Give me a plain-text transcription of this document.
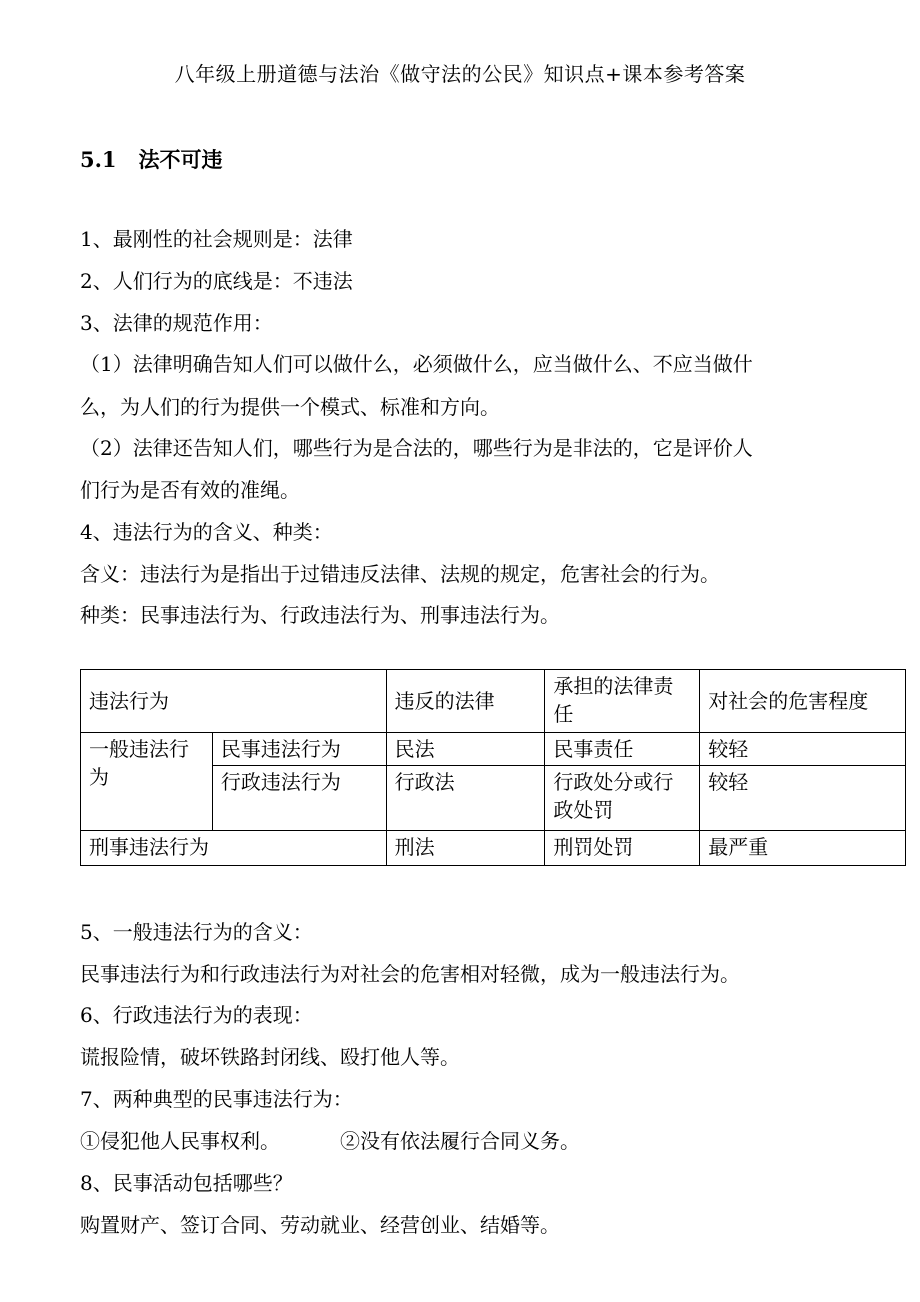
八年级上册道德与法治《做守法的公民》知识点+课本参考答案
5.1 法不可违
1、最刚性的社会规则是：法律
2、人们行为的底线是：不违法
3、法律的规范作用：
（1）法律明确告知人们可以做什么，必须做什么，应当做什么、不应当做什
么，为人们的行为提供一个模式、标准和方向。
（2）法律还告知人们，哪些行为是合法的，哪些行为是非法的，它是评价人
们行为是否有效的准绳。
4、违法行为的含义、种类：
含义：违法行为是指出于过错违反法律、法规的规定，危害社会的行为。
种类：民事违法行为、行政违法行为、刑事违法行为。
违法行为		违反的法律	承担的法律责任	对社会的危害程度
一般违法行为	民事违法行为	民法	民事责任	较轻
	行政违法行为	行政法	行政处分或行政处罚	较轻
刑事违法行为		刑法	刑罚处罚	最严重
5、一般违法行为的含义：
民事违法行为和行政违法行为对社会的危害相对轻微，成为一般违法行为。
6、行政违法行为的表现：
谎报险情，破坏铁路封闭线、殴打他人等。
7、两种典型的民事违法行为：
①侵犯他人民事权利。	②没有依法履行合同义务。
8、民事活动包括哪些？
购置财产、签订合同、劳动就业、经营创业、结婚等。
